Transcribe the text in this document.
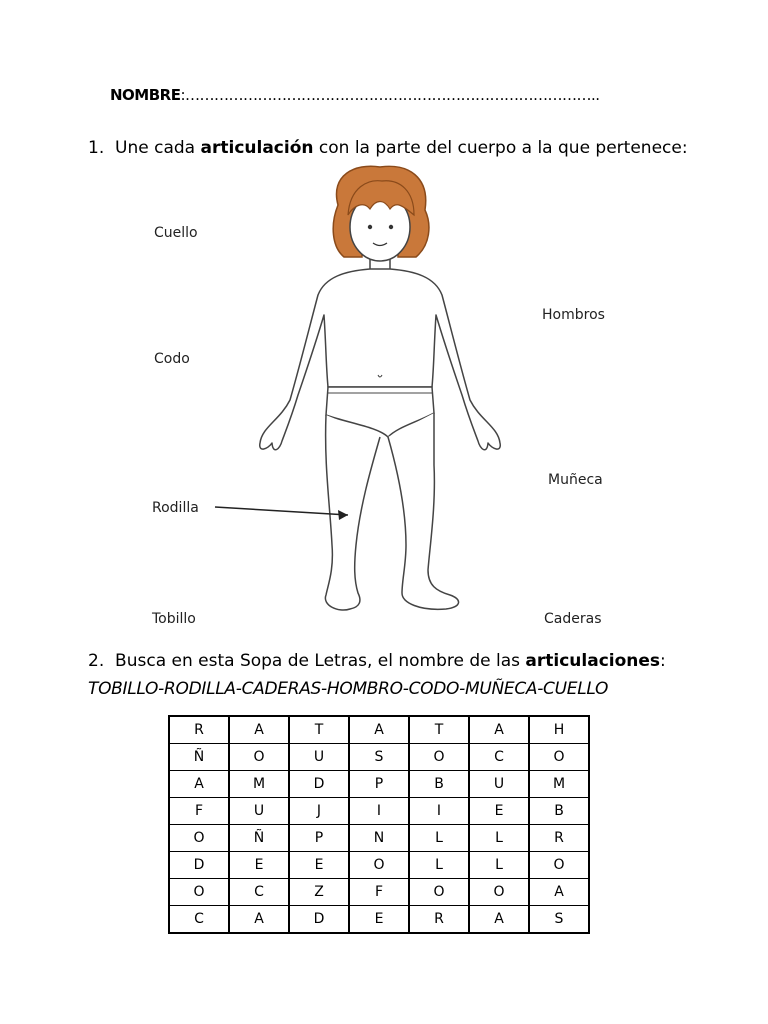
NOMBRE:…………………………………………………………………………..
1. Une cada articulación con la parte del cuerpo a la que pertenece:
Cuello
Codo
Rodilla
Tobillo
Hombros
Muñeca
Caderas
2. Busca en esta Sopa de Letras, el nombre de las articulaciones:
TOBILLO-RODILLA-CADERAS-HOMBRO-CODO-MUÑECA-CUELLO
R	A	T	A	T	A	H
Ñ	O	U	S	O	C	O
A	M	D	P	B	U	M
F	U	J	I	I	E	B
O	Ñ	P	N	L	L	R
D	E	E	O	L	L	O
O	C	Z	F	O	O	A
C	A	D	E	R	A	S
